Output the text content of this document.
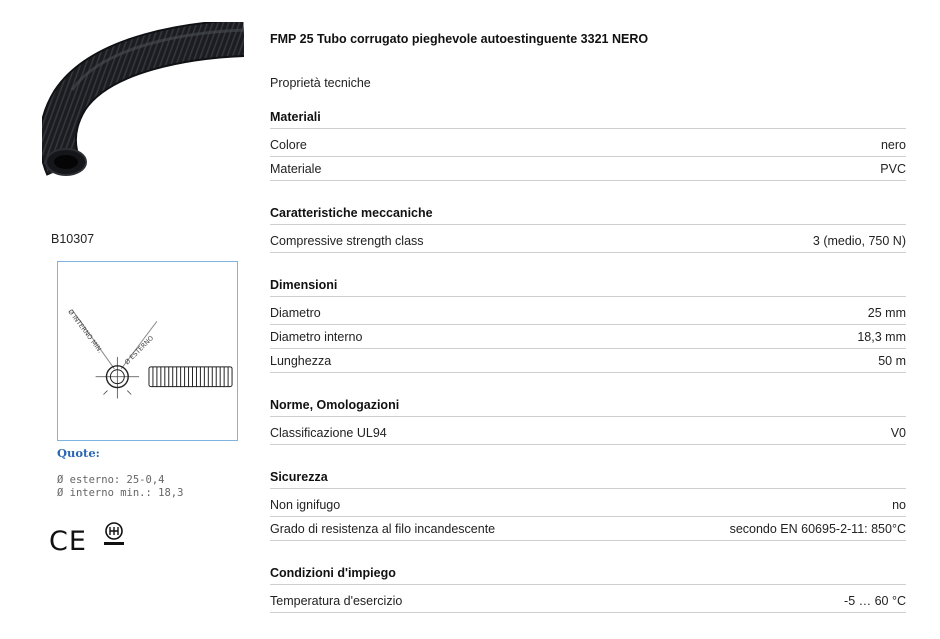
B10307
Ø INTERNO MIN.	Ø ESTERNO
Quote:
Ø esterno: 25-0,4
Ø interno min.: 18,3
CE
FMP 25 Tubo corrugato pieghevole autoestinguente 3321 NERO
Proprietà tecniche
Materiali
Colore	nero
Materiale	PVC
Caratteristiche meccaniche
Compressive strength class	3 (medio, 750 N)
Dimensioni
Diametro	25 mm
Diametro interno	18,3 mm
Lunghezza	50 m
Norme, Omologazioni
Classificazione UL94	V0
Sicurezza
Non ignifugo	no
Grado di resistenza al filo incandescente	secondo EN 60695-2-11: 850°C
Condizioni d'impiego
Temperatura d'esercizio	-5 … 60 °C
